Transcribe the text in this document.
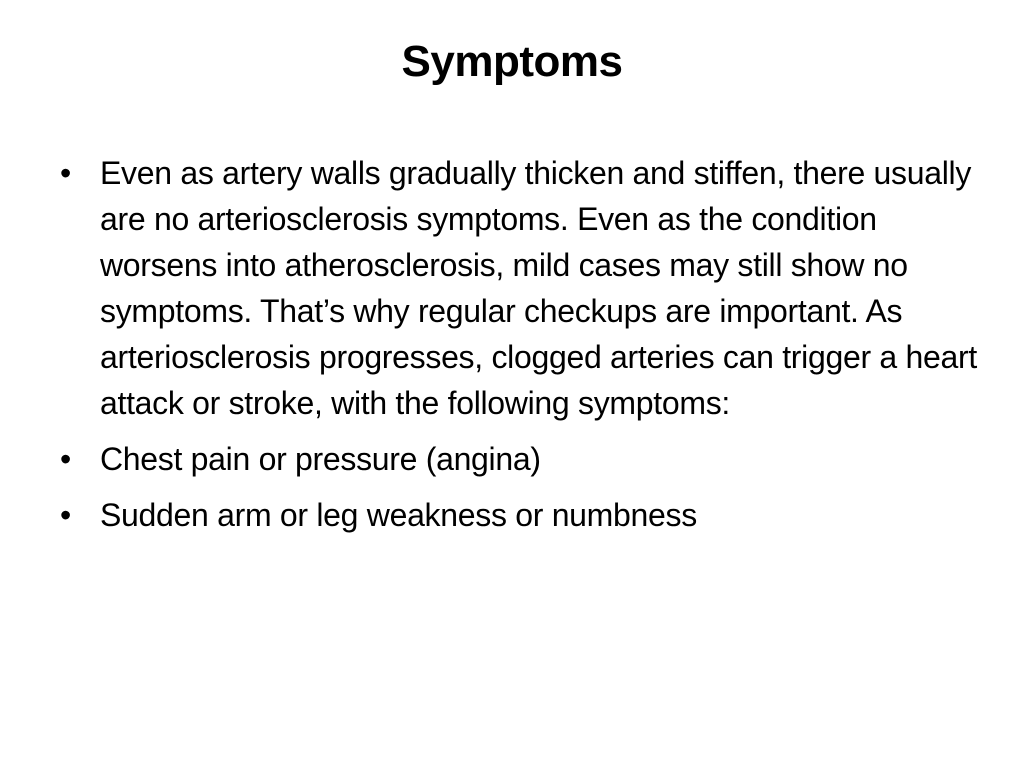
Symptoms
• Even as artery walls gradually thicken and stiffen, there usually are no arteriosclerosis symptoms. Even as the condition worsens into atherosclerosis, mild cases may still show no symptoms. That’s why regular checkups are important. As arteriosclerosis progresses, clogged arteries can trigger a heart attack or stroke, with the following symptoms:
• Chest pain or pressure (angina)
• Sudden arm or leg weakness or numbness
